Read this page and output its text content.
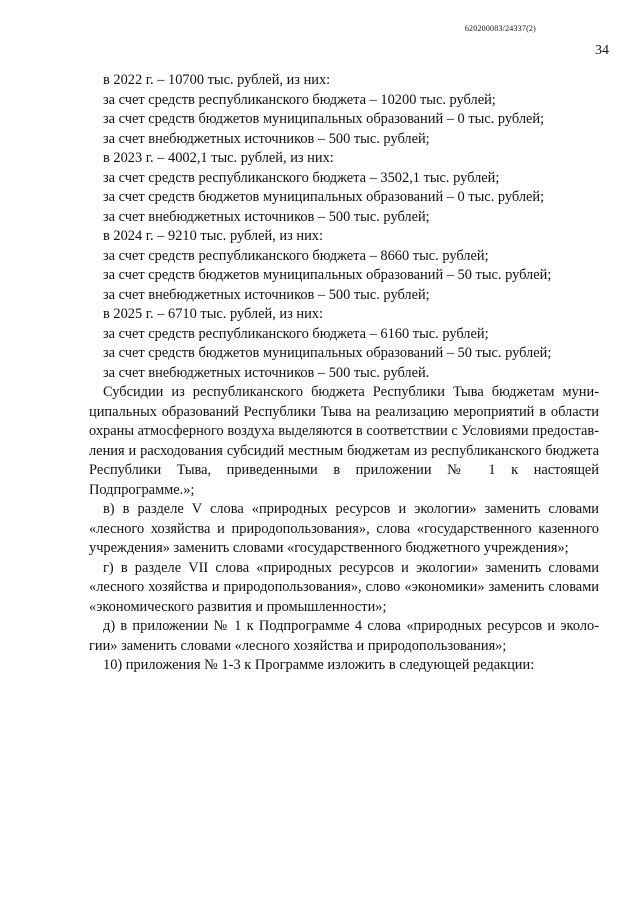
620200083/24337(2)
34
в 2022 г. – 10700 тыс. рублей, из них:
за счет средств республиканского бюджета – 10200 тыс. рублей;
за счет средств бюджетов муниципальных образований – 0 тыс. рублей;
за счет внебюджетных источников – 500 тыс. рублей;
в 2023 г. – 4002,1 тыс. рублей, из них:
за счет средств республиканского бюджета – 3502,1 тыс. рублей;
за счет средств бюджетов муниципальных образований – 0 тыс. рублей;
за счет внебюджетных источников – 500 тыс. рублей;
в 2024 г. – 9210 тыс. рублей, из них:
за счет средств республиканского бюджета – 8660 тыс. рублей;
за счет средств бюджетов муниципальных образований – 50 тыс. рублей;
за счет внебюджетных источников – 500 тыс. рублей;
в 2025 г. – 6710 тыс. рублей, из них:
за счет средств республиканского бюджета – 6160 тыс. рублей;
за счет средств бюджетов муниципальных образований – 50 тыс. рублей;
за счет внебюджетных источников – 500 тыс. рублей.
Субсидии из республиканского бюджета Республики Тыва бюджетам муни-ципальных образований Республики Тыва на реализацию мероприятий в области охраны атмосферного воздуха выделяются в соответствии с Условиями предостав-ления и расходования субсидий местным бюджетам из республиканского бюджета Республики Тыва, приведенными в приложении № 1 к настоящей Подпрограмме.»;
в) в разделе V слова «природных ресурсов и экологии» заменить словами «лесного хозяйства и природопользования», слова «государственного казенного учреждения» заменить словами «государственного бюджетного учреждения»;
г) в разделе VII слова «природных ресурсов и экологии» заменить словами «лесного хозяйства и природопользования», слово «экономики» заменить словами «экономического развития и промышленности»;
д) в приложении № 1 к Подпрограмме 4 слова «природных ресурсов и эколо-гии» заменить словами «лесного хозяйства и природопользования»;
10) приложения № 1-3 к Программе изложить в следующей редакции:
